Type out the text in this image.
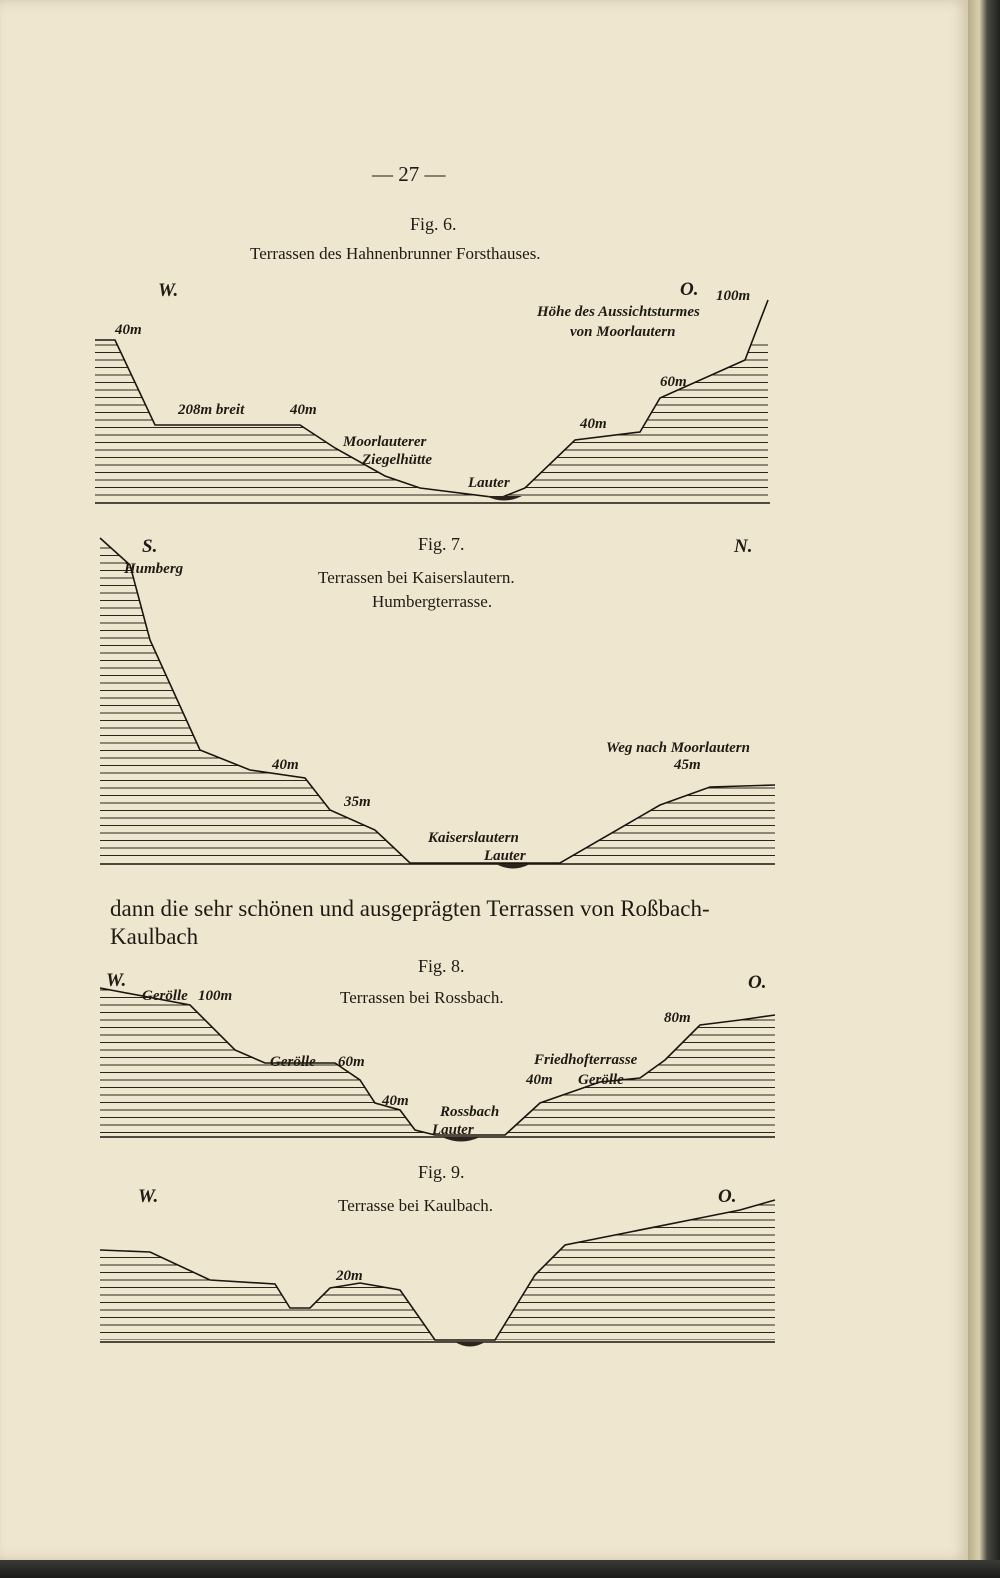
— 27 —
Fig. 6.
Terrassen des Hahnenbrunner Forsthauses.
W.	O. 100m
Höhe des Aussichtsturmes
von Moorlautern
40m
60m
208m breit	40m
40m
Moorlauterer
Ziegelhütte
Lauter
S.	Fig. 7.	N.
Humberg	Terrassen bei Kaiserslautern.
Humbergterrasse.
Weg nach Moorlautern
45m
40m
35m
Kaiserslautern
Lauter
dann die sehr schönen und ausgeprägten Terrassen von Roßbach-
Kaulbach
Fig. 8.
W.	O.
Gerölle 100m	Terrassen bei Rossbach.
80m
Gerölle 60m	Friedhofterrasse
40m Gerölle
40m
Rossbach
Lauter
Fig. 9.
W.	O.
Terrasse bei Kaulbach.
20m
